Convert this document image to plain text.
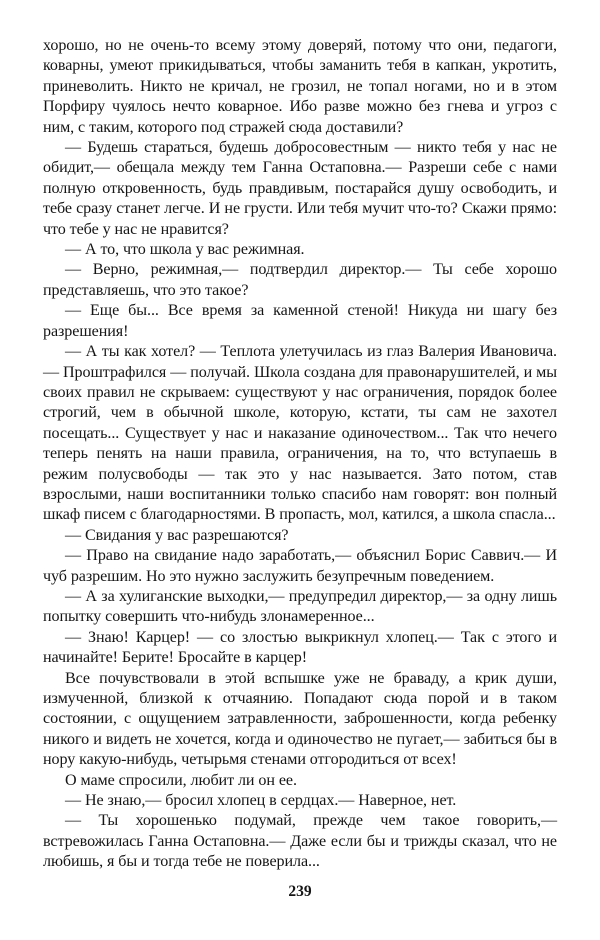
хорошо, но не очень-то всему этому доверяй, потому что они, педагоги, коварны, умеют прикидываться, чтобы заманить тебя в капкан, укротить, приневолить. Никто не кричал, не грозил, не топал ногами, но и в этом Порфиру чуялось нечто коварное. Ибо разве можно без гнева и угроз с ним, с таким, которого под стражей сюда доставили?

— Будешь стараться, будешь добросовестным — никто тебя у нас не обидит,— обещала между тем Ганна Остаповна.— Разреши себе с нами полную откровенность, будь правдивым, постарайся душу освободить, и тебе сразу станет легче. И не грусти. Или тебя мучит что-то? Скажи прямо: что тебе у нас не нравится?

— А то, что школа у вас режимная.

— Верно, режимная,— подтвердил директор.— Ты себе хорошо представляешь, что это такое?

— Еще бы... Все время за каменной стеной! Никуда ни шагу без разрешения!

— А ты как хотел? — Теплота улетучилась из глаз Валерия Ивановича.— Проштрафился — получай. Школа создана для правонарушителей, и мы своих правил не скрываем: существуют у нас ограничения, порядок более строгий, чем в обычной школе, которую, кстати, ты сам не захотел посещать... Существует у нас и наказание одиночеством... Так что нечего теперь пенять на наши правила, ограничения, на то, что вступаешь в режим полусвободы — так это у нас называется. Зато потом, став взрослыми, наши воспитанники только спасибо нам говорят: вон полный шкаф писем с благодарностями. В пропасть, мол, катился, а школа спасла...

— Свидания у вас разрешаются?

— Право на свидание надо заработать,— объяснил Борис Саввич.— И чуб разрешим. Но это нужно заслужить безупречным поведением.

— А за хулиганские выходки,— предупредил директор,— за одну лишь попытку совершить что-нибудь злонамеренное...

— Знаю! Карцер! — со злостью выкрикнул хлопец.— Так с этого и начинайте! Берите! Бросайте в карцер!

Все почувствовали в этой вспышке уже не браваду, а крик души, измученной, близкой к отчаянию. Попадают сюда порой и в таком состоянии, с ощущением затравленности, заброшенности, когда ребенку никого и видеть не хочется, когда и одиночество не пугает,— забиться бы в нору какую-нибудь, четырьмя стенами отгородиться от всех!

О маме спросили, любит ли он ее.

— Не знаю,— бросил хлопец в сердцах.— Наверное, нет.

— Ты хорошенько подумай, прежде чем такое говорить,— встревожилась Ганна Остаповна.— Даже если бы и трижды сказал, что не любишь, я бы и тогда тебе не поверила...

239
